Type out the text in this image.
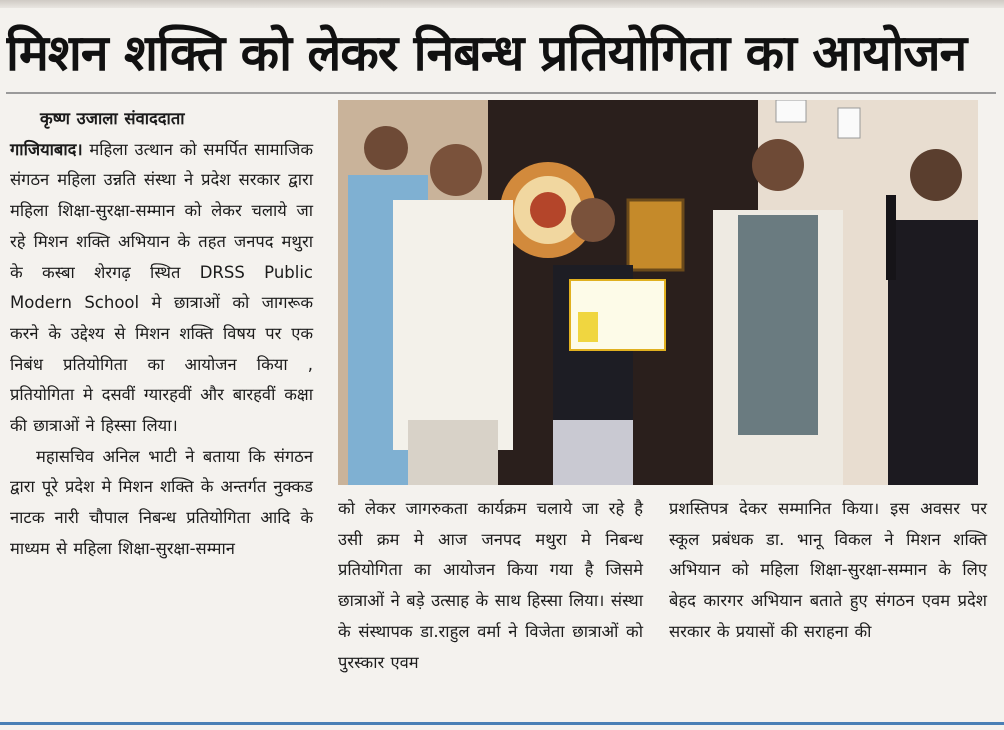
मिशन शक्ति को लेकर निबन्ध प्रतियोगिता का आयोजन

कृष्ण उजाला संवाददाता

गाजियाबाद। महिला उत्थान को समर्पित सामाजिक संगठन महिला उन्नति संस्था ने प्रदेश सरकार द्वारा महिला शिक्षा-सुरक्षा-सम्मान को लेकर चलाये जा रहे मिशन शक्ति अभियान के तहत जनपद मथुरा के कस्बा शेरगढ़ स्थित DRSS Public Modern School मे छात्राओं को जागरूक करने के उद्देश्य से मिशन शक्ति विषय पर एक निबंध प्रतियोगिता का आयोजन किया , प्रतियोगिता मे दसवीं ग्यारहवीं और बारहवीं कक्षा की छात्राओं ने हिस्सा लिया।

महासचिव अनिल भाटी ने बताया कि संगठन द्वारा पूरे प्रदेश मे मिशन शक्ति के अन्तर्गत नुक्कड नाटक नारी चौपाल निबन्ध प्रतियोगिता आदि के माध्यम से महिला शिक्षा-सुरक्षा-सम्मान

को लेकर जागरुकता कार्यक्रम चलाये जा रहे है उसी क्रम मे आज जनपद मथुरा मे निबन्ध प्रतियोगिता का आयोजन किया गया है जिसमे छात्राओं ने बड़े उत्साह के साथ हिस्सा लिया। संस्था के संस्थापक डा.राहुल वर्मा ने विजेता छात्राओं को पुरस्कार एवम

प्रशस्तिपत्र देकर सम्मानित किया। इस अवसर पर स्कूल प्रबंधक डा. भानू विकल ने मिशन शक्ति अभियान को महिला शिक्षा-सुरक्षा-सम्मान के लिए बेहद कारगर अभियान बताते हुए संगठन एवम प्रदेश सरकार के प्रयासों की सराहना की
